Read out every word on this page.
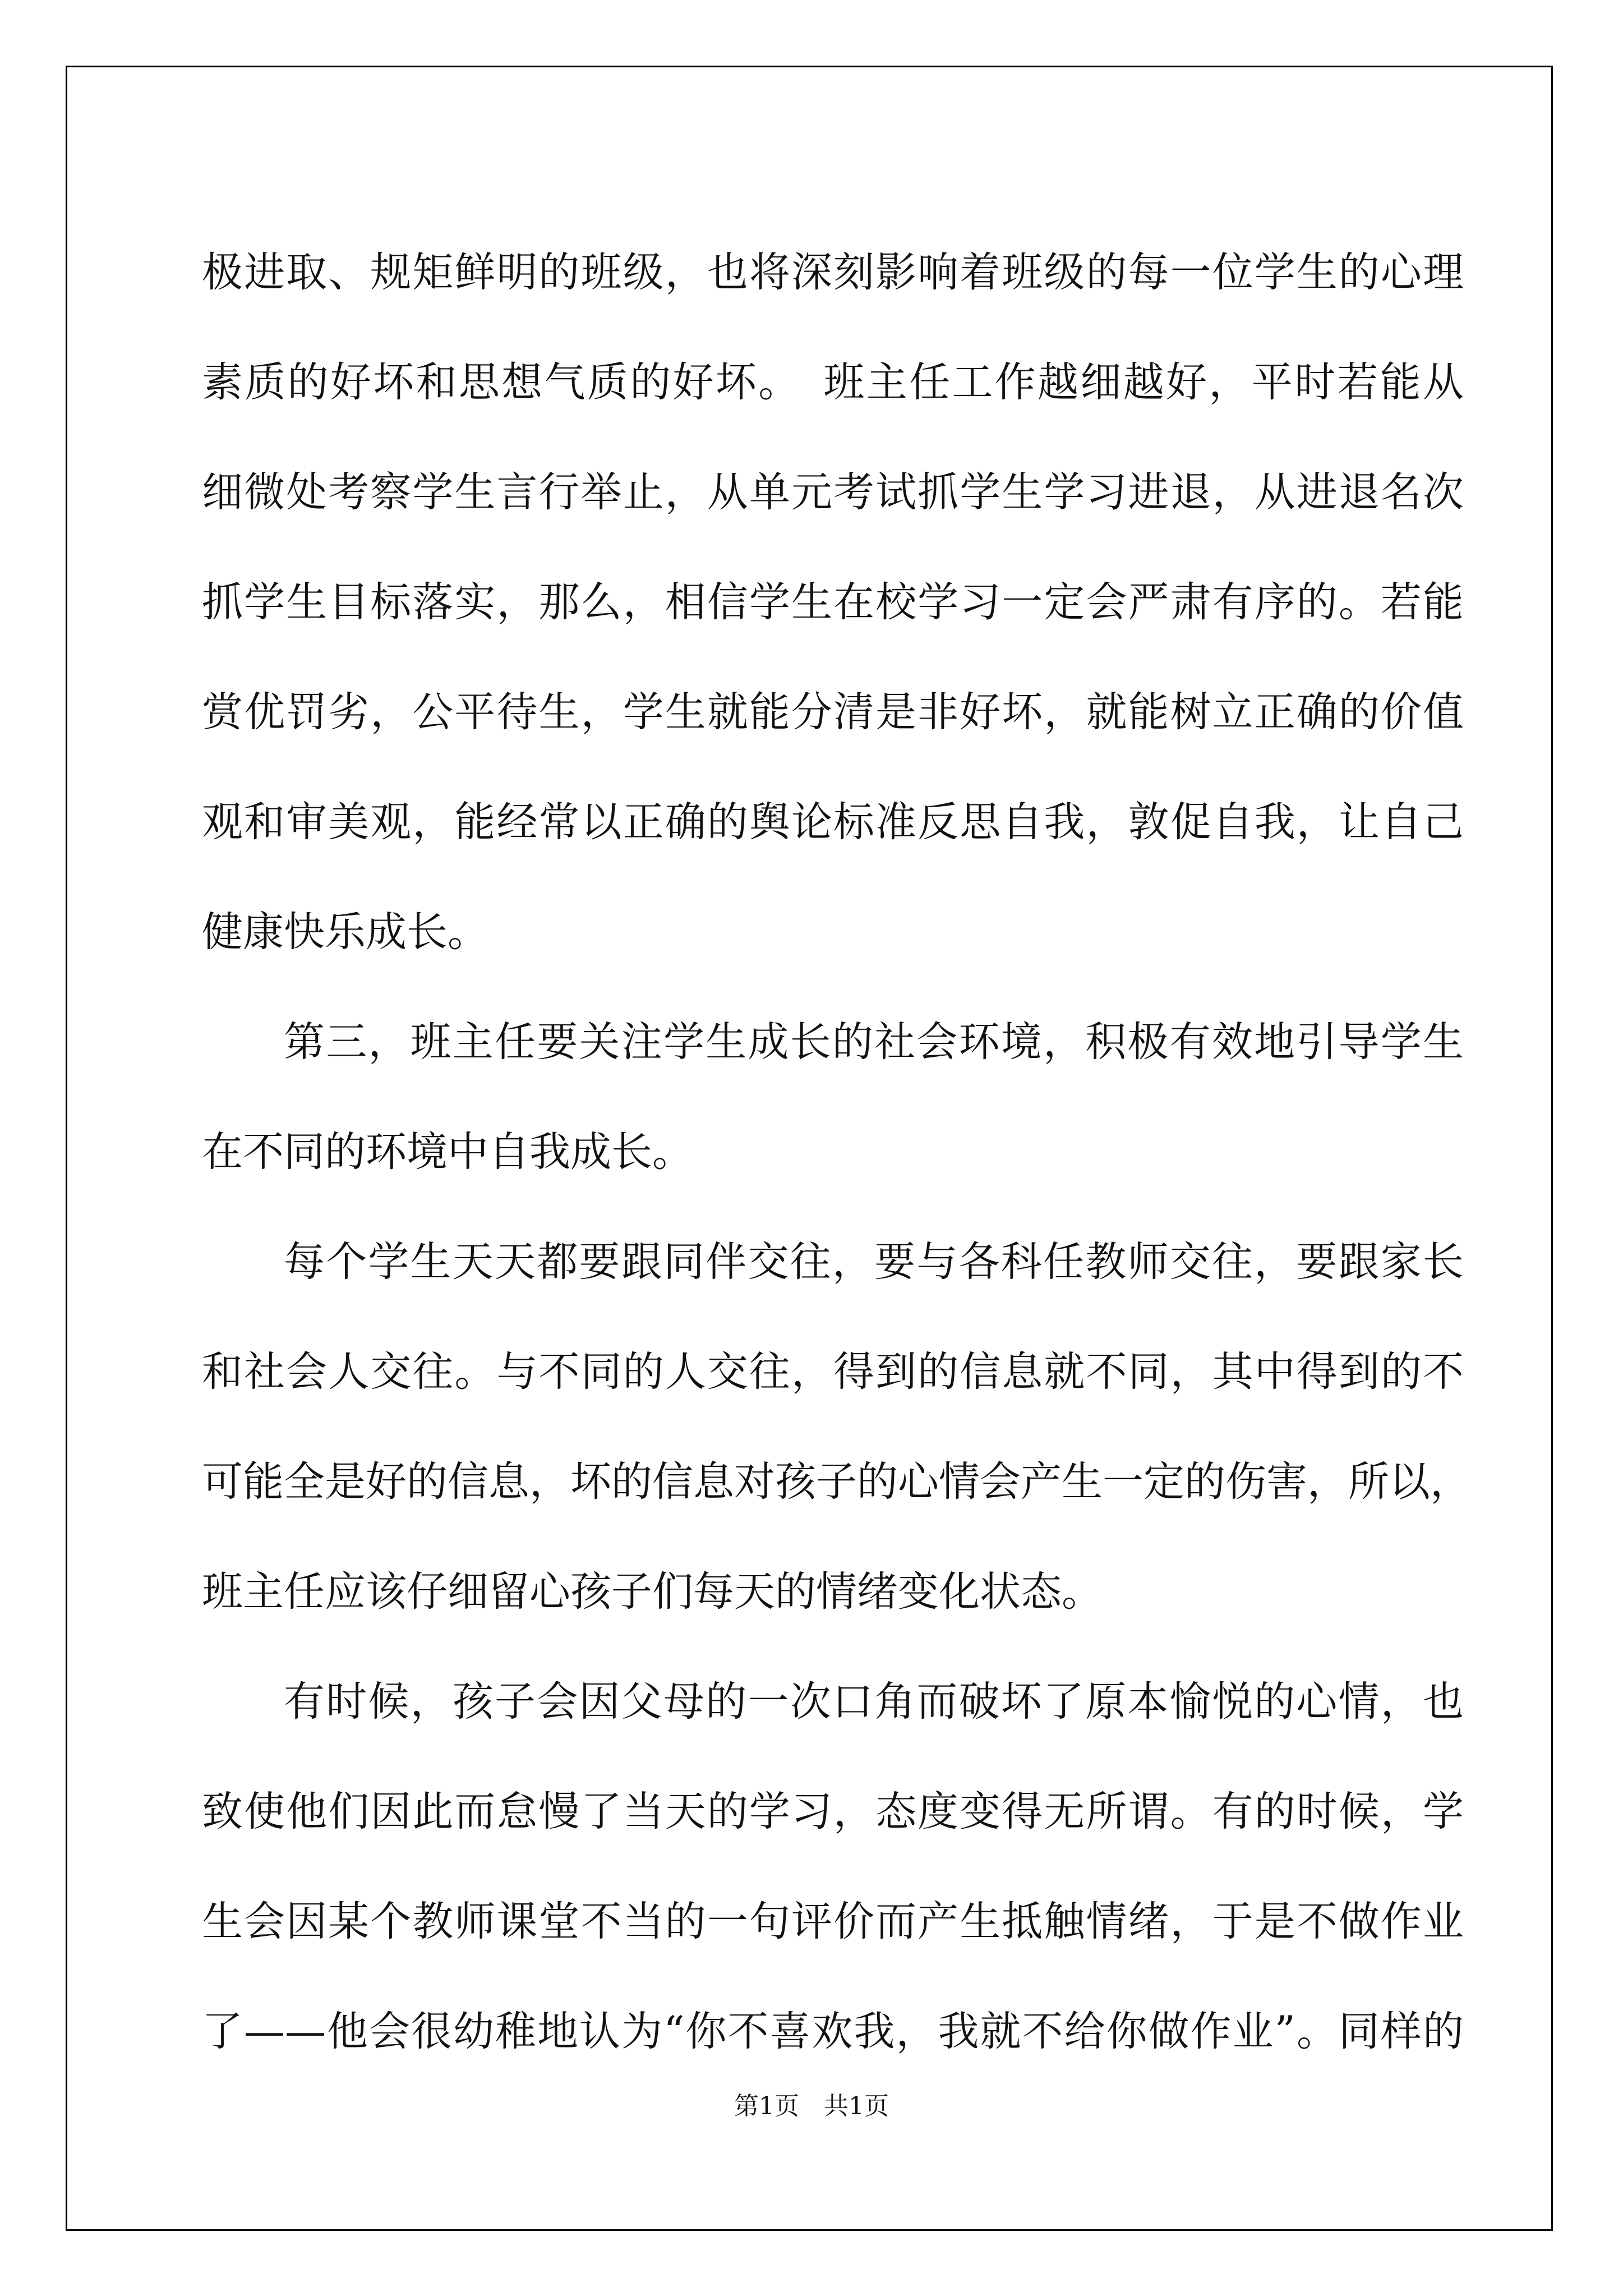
极进取、规矩鲜明的班级，也将深刻影响着班级的每一位学生的心理
素质的好坏和思想气质的好坏。　班主任工作越细越好，平时若能从
细微处考察学生言行举止，从单元考试抓学生学习进退，从进退名次
抓学生目标落实，那么，相信学生在校学习一定会严肃有序的。若能
赏优罚劣，公平待生，学生就能分清是非好坏，就能树立正确的价值
观和审美观，能经常以正确的舆论标准反思自我，敦促自我，让自己
健康快乐成长。
第三，班主任要关注学生成长的社会环境，积极有效地引导学生
在不同的环境中自我成长。
每个学生天天都要跟同伴交往，要与各科任教师交往，要跟家长
和社会人交往。与不同的人交往，得到的信息就不同，其中得到的不
可能全是好的信息，坏的信息对孩子的心情会产生一定的伤害，所以，
班主任应该仔细留心孩子们每天的情绪变化状态。
有时候，孩子会因父母的一次口角而破坏了原本愉悦的心情，也
致使他们因此而怠慢了当天的学习，态度变得无所谓。有的时候，学
生会因某个教师课堂不当的一句评价而产生抵触情绪，于是不做作业
了——他会很幼稚地认为“你不喜欢我，我就不给你做作业”。同样的
第1页　共1页
